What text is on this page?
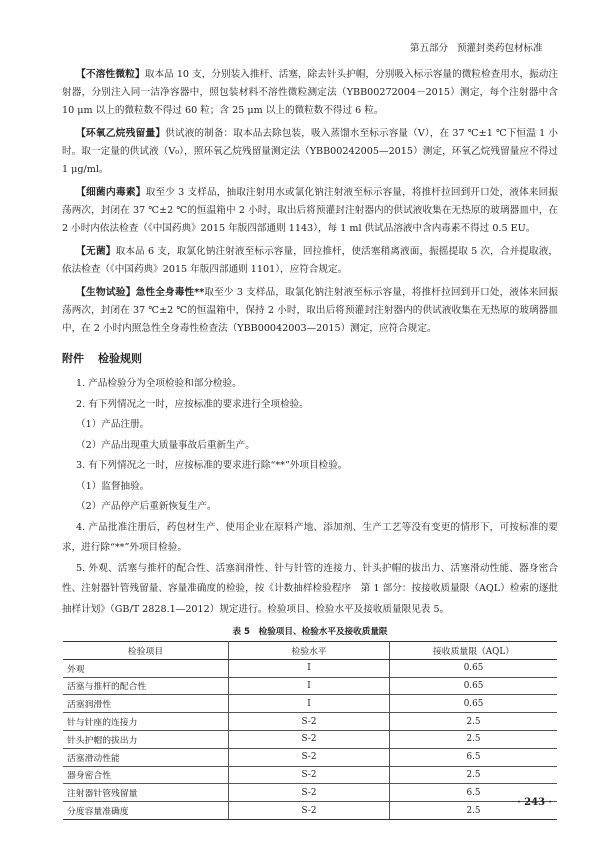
第五部分 预灌封类药包材标准

【不溶性微粒】取本品 10 支，分别装入推杆、活塞，除去针头护帽，分别吸入标示容量的微粒检查用水，振动注射器，分别注入同一洁净容器中，照包装材料不溶性微粒测定法（YBB00272004－2015）测定，每个注射器中含 10 μm 以上的微粒数不得过 60 粒；含 25 μm 以上的微粒数不得过 6 粒。

【环氧乙烷残留量】供试液的制备：取本品去除包装，吸入蒸馏水至标示容量（V），在 37 ℃±1 ℃下恒温 1 小时。取一定量的供试液（V₀），照环氧乙烷残留量测定法（YBB00242005—2015）测定，环氧乙烷残留量应不得过 1 μg/ml。

【细菌内毒素】取至少 3 支样品，抽取注射用水或氯化钠注射液至标示容量，将推杆拉回到开口处，液体来回振荡两次，封闭在 37 ℃±2 ℃的恒温箱中 2 小时，取出后将预灌封注射器内的供试液收集在无热原的玻璃器皿中，在 2 小时内依法检查（《中国药典》2015 年版四部通则 1143），每 1 ml 供试品溶液中含内毒素不得过 0.5 EU。

【无菌】取本品 6 支，取氯化钠注射液至标示容量，回拉推杆，使活塞稍离液面，振摇提取 5 次，合并提取液，依法检查（《中国药典》2015 年版四部通则 1101），应符合规定。

【生物试验】急性全身毒性**取至少 3 支样品，取氯化钠注射液至标示容量，将推杆拉回到开口处，液体来回振荡两次，封闭在 37 ℃±2 ℃的恒温箱中，保持 2 小时，取出后将预灌封注射器内的供试液收集在无热原的玻璃器皿中，在 2 小时内照急性全身毒性检查法（YBB00042003—2015）测定，应符合规定。

附件 检验规则

1. 产品检验分为全项检验和部分检验。

2. 有下列情况之一时，应按标准的要求进行全项检验。

（1）产品注册。

（2）产品出现重大质量事故后重新生产。

3. 有下列情况之一时，应按标准的要求进行除“**”外项目检验。

（1）监督抽验。

（2）产品停产后重新恢复生产。

4. 产品批准注册后，药包材生产、使用企业在原料产地、添加剂、生产工艺等没有变更的情形下，可按标准的要求，进行除“**”外项目检验。

5. 外观、活塞与推杆的配合性、活塞润滑性、针与针管的连接力、针头护帽的拔出力、活塞滑动性能、器身密合性、注射器针管残留量、容量准确度的检验，按《计数抽样检验程序　第 1 部分：按接收质量限（AQL）检索的逐批抽样计划》（GB/T 2828.1—2012）规定进行。检验项目、检验水平及接收质量限见表 5。

表 5　检验项目、检验水平及接收质量限
检验项目	检验水平	接收质量限（AQL）
外观	I	0.65
活塞与推杆的配合性	I	0.65
活塞润滑性	I	0.65
针与针座的连接力	S-2	2.5
针头护帽的拔出力	S-2	2.5
活塞滑动性能	S-2	6.5
器身密合性	S-2	2.5
注射器针管残留量	S-2	6.5
分度容量准确度	S-2	2.5
· 243 ·
